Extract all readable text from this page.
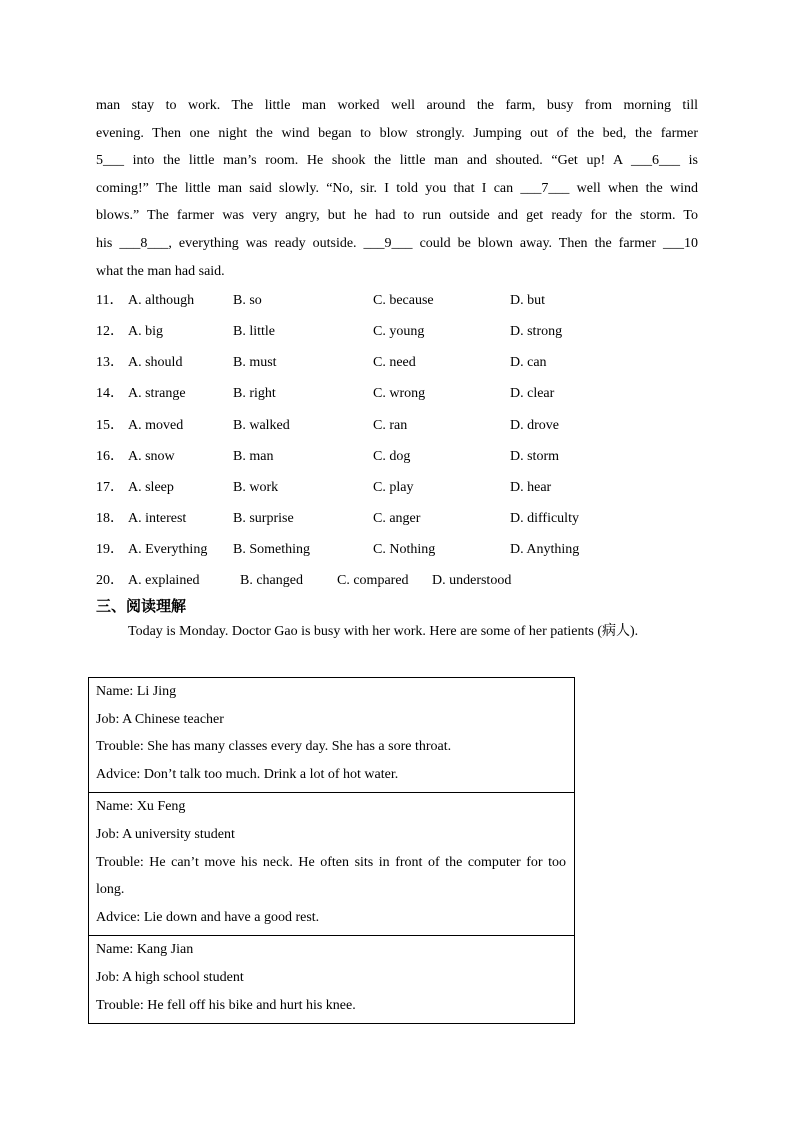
man stay to work. The little man worked well around the farm, busy from morning till
evening. Then one night the wind began to blow strongly. Jumping out of the bed, the farmer
5___ into the little man’s room. He shook the little man and shouted. “Get up! A ___6___ is
coming!” The little man said slowly. “No, sir. I told you that I can ___7___ well when the wind
blows.” The farmer was very angry, but he had to run outside and get ready for the storm. To
his ___8___, everything was ready outside. ___9___ could be blown away. Then the farmer ___10
what the man had said.
11． A. although	B. so	C. because	D. but
12． A. big	B. little	C. young	D. strong
13． A. should	B. must	C. need	D. can
14． A. strange	B. right	C. wrong	D. clear
15． A. moved	B. walked	C. ran	D. drove
16． A. snow	B. man	C. dog	D. storm
17． A. sleep	B. work	C. play	D. hear
18． A. interest	B. surprise	C. anger	D. difficulty
19． A. Everything B. Something	C. Nothing	D. Anything
20． A. explained	B. changed C. compared D. understood
三、阅读理解
Today is Monday. Doctor Gao is busy with her work. Here are some of her patients (病人).
Name: Li Jing
Job: A Chinese teacher
Trouble: She has many classes every day. She has a sore throat.
Advice: Don’t talk too much. Drink a lot of hot water.
Name: Xu Feng
Job: A university student
Trouble: He can’t move his neck. He often sits in front of the computer for too long.
Advice: Lie down and have a good rest.
Name: Kang Jian
Job: A high school student
Trouble: He fell off his bike and hurt his knee.
